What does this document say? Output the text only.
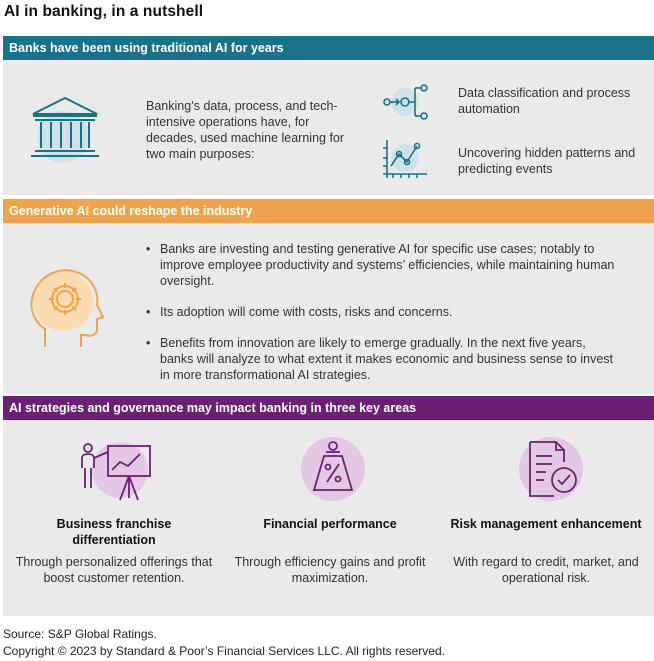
AI in banking, in a nutshell
Banks have been using traditional AI for years
Banking’s data, process, and tech-intensive operations have, for decades, used machine learning for two main purposes:
Data classification and process automation
Uncovering hidden patterns and predicting events
Generative AI could reshape the industry
• Banks are investing and testing generative AI for specific use cases; notably to improve employee productivity and systems’ efficiencies, while maintaining human oversight.
• Its adoption will come with costs, risks and concerns.
• Benefits from innovation are likely to emerge gradually. In the next five years, banks will analyze to what extent it makes economic and business sense to invest in more transformational AI strategies.
AI strategies and governance may impact banking in three key areas
Business franchise differentiation
Through personalized offerings that boost customer retention.
Financial performance
Through efficiency gains and profit maximization.
Risk management enhancement
With regard to credit, market, and operational risk.
Source: S&P Global Ratings.
Copyright © 2023 by Standard & Poor’s Financial Services LLC. All rights reserved.
